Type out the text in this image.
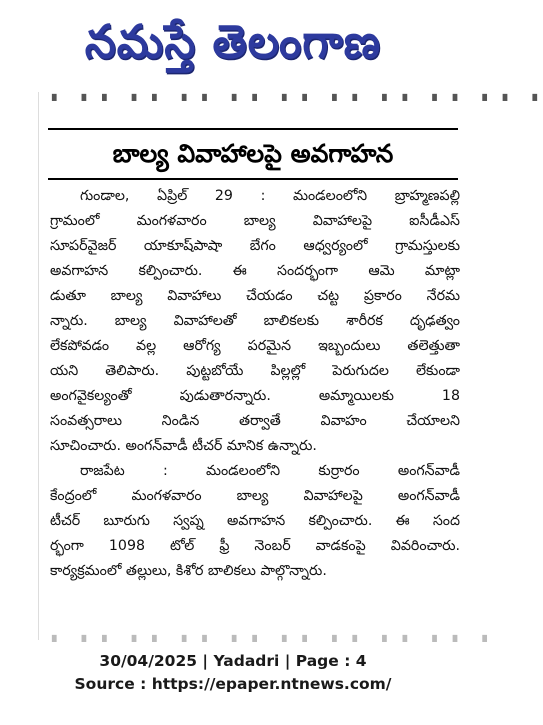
నమస్తే తెలంగాణ
▘ ▝ ▘ ▝ ▘ ▝ ▘ ▝ ▘ ▝ ▘ ▝ ▘ ▝ ▘ ▝ ▘ ▝ ▘ ▝
బాల్య వివాహాలపై అవగాహన

గుండాల, ఏప్రిల్ 29 : మండలంలోని బ్రాహ్మణపల్లి
గ్రామంలో మంగళవారం బాల్య వివాహాలపై ఐసీడీఎస్
సూపర్‌వైజర్ యాకూష్‌పాషా బేగం ఆధ్వర్యంలో గ్రామస్తులకు
అవగాహన కల్పించారు. ఈ సందర్భంగా ఆమె మాట్లా
డుతూ బాల్య వివాహాలు చేయడం చట్ట ప్రకారం నేరమ
న్నారు. బాల్య వివాహాలతో బాలికలకు శారీరక దృఢత్వం
లేకపోవడం వల్ల ఆరోగ్య పరమైన ఇబ్బందులు తలెత్తుతా
యని తెలిపారు. పుట్టబోయే పిల్లల్లో పెరుగుదల లేకుండా
అంగవైకల్యంతో పుడుతారన్నారు. అమ్మాయిలకు 18
సంవత్సరాలు నిండిన తర్వాతే వివాహం చేయాలని
సూచించారు. అంగన్‌వాడీ టీచర్ మానిక ఉన్నారు.

రాజపేట : మండలంలోని కుర్రారం అంగన్‌వాడీ
కేంద్రంలో మంగళవారం బాల్య వివాహాలపై అంగన్‌వాడీ
టీచర్ బూరుగు స్వప్న అవగాహన కల్పించారు. ఈ సంద
ర్భంగా 1098 టోల్ ఫ్రీ నెంబర్ వాడకంపై వివరించారు.
కార్యక్రమంలో తల్లులు, కిశోర బాలికలు పాల్గొన్నారు.

▖ ▗ ▖ ▗ ▖ ▗ ▖ ▗ ▖ ▗ ▖ ▗ ▖ ▗ ▖ ▗ ▖ ▗
30/04/2025 | Yadadri | Page : 4
Source : https://epaper.ntnews.com/
